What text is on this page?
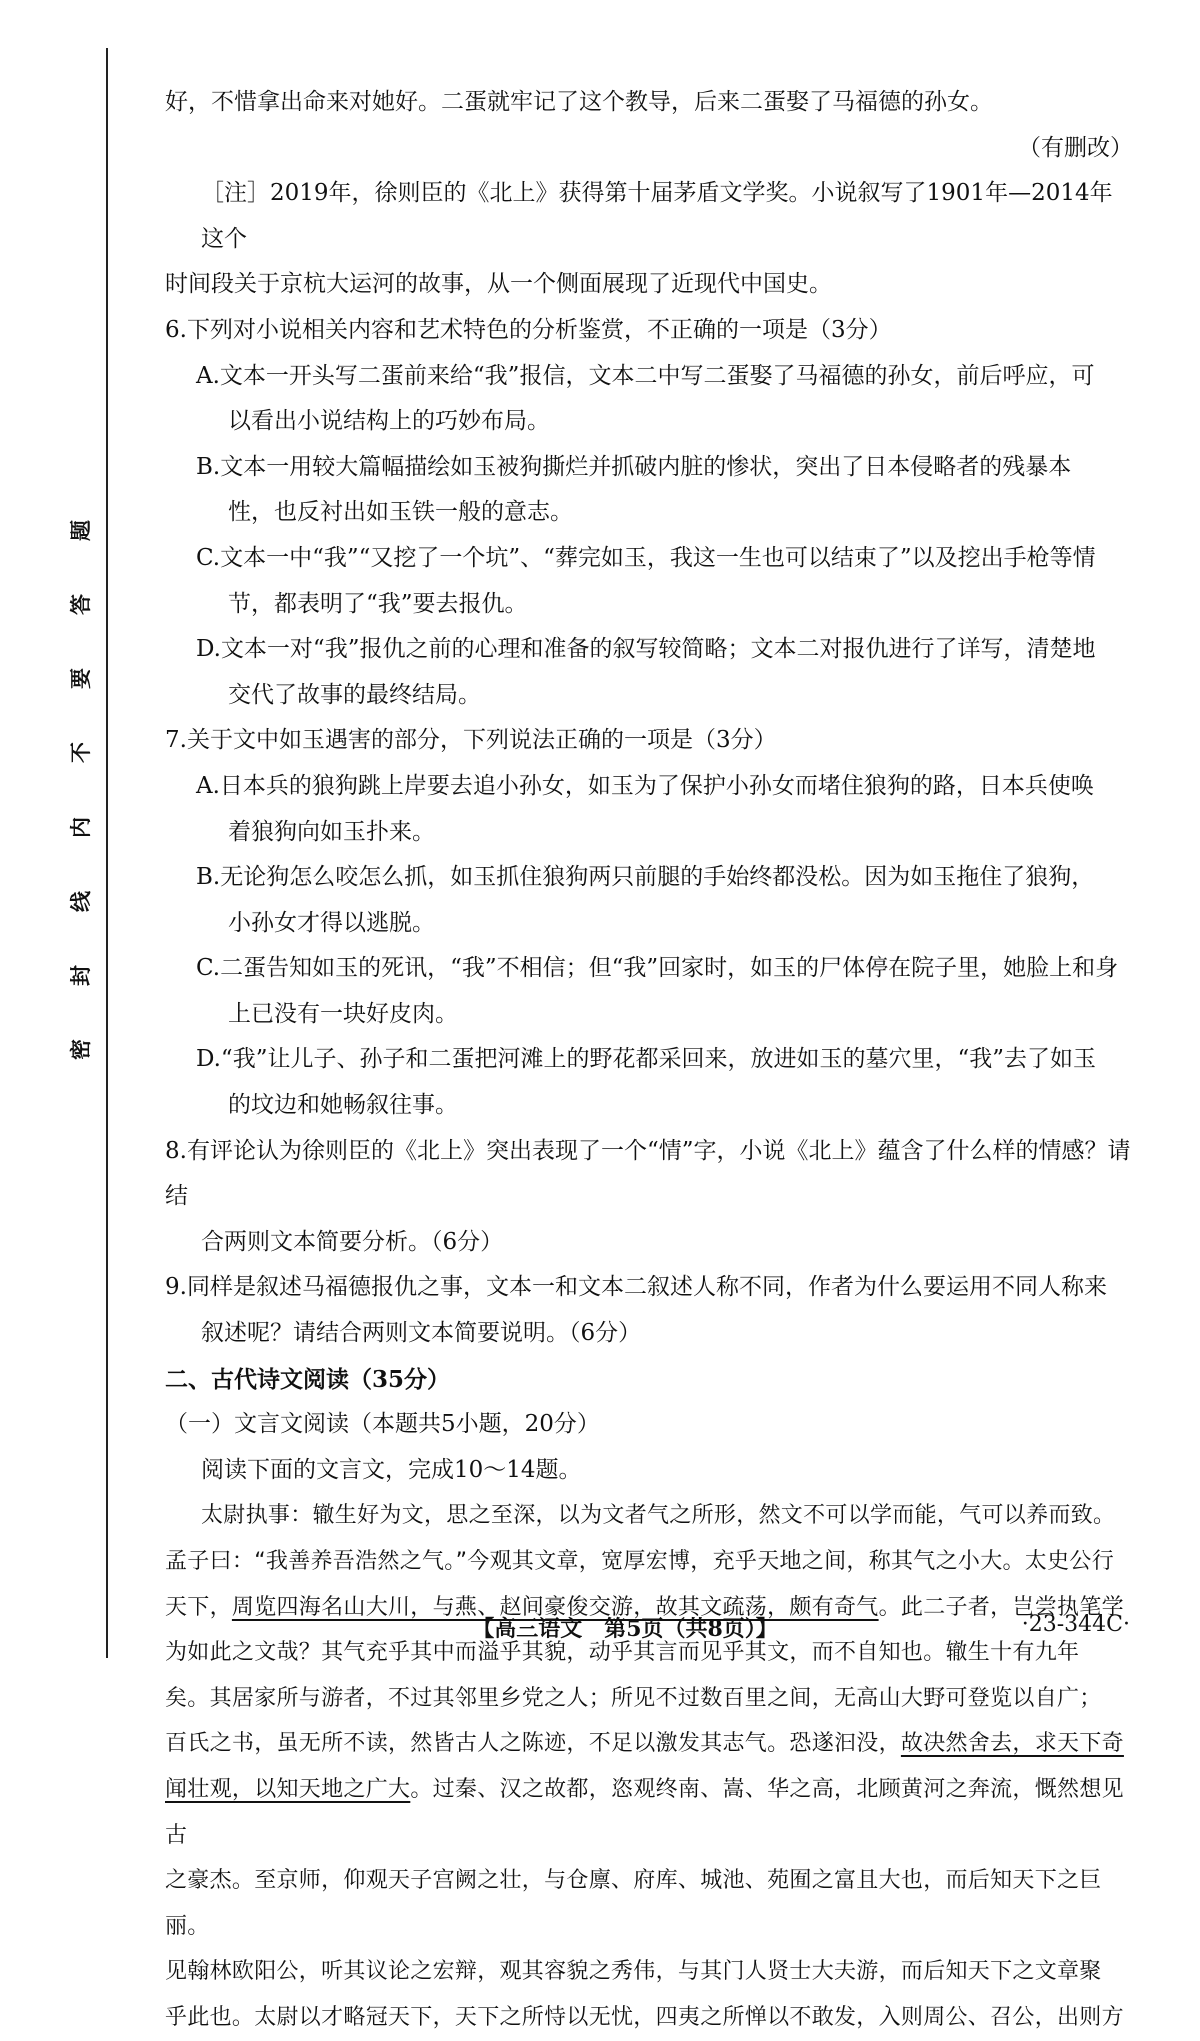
题
答
要
不
内
线
封
密
好，不惜拿出命来对她好。二蛋就牢记了这个教导，后来二蛋娶了马福德的孙女。
（有删改）
［注］2019年，徐则臣的《北上》获得第十届茅盾文学奖。小说叙写了1901年—2014年这个
时间段关于京杭大运河的故事，从一个侧面展现了近现代中国史。
6.下列对小说相关内容和艺术特色的分析鉴赏，不正确的一项是（3分）
A.文本一开头写二蛋前来给“我”报信，文本二中写二蛋娶了马福德的孙女，前后呼应，可
以看出小说结构上的巧妙布局。
B.文本一用较大篇幅描绘如玉被狗撕烂并抓破内脏的惨状，突出了日本侵略者的残暴本
性，也反衬出如玉铁一般的意志。
C.文本一中“我”“又挖了一个坑”、“葬完如玉，我这一生也可以结束了”以及挖出手枪等情
节，都表明了“我”要去报仇。
D.文本一对“我”报仇之前的心理和准备的叙写较简略；文本二对报仇进行了详写，清楚地
交代了故事的最终结局。
7.关于文中如玉遇害的部分，下列说法正确的一项是（3分）
A.日本兵的狼狗跳上岸要去追小孙女，如玉为了保护小孙女而堵住狼狗的路，日本兵使唤
着狼狗向如玉扑来。
B.无论狗怎么咬怎么抓，如玉抓住狼狗两只前腿的手始终都没松。因为如玉拖住了狼狗，
小孙女才得以逃脱。
C.二蛋告知如玉的死讯，“我”不相信；但“我”回家时，如玉的尸体停在院子里，她脸上和身
上已没有一块好皮肉。
D.“我”让儿子、孙子和二蛋把河滩上的野花都采回来，放进如玉的墓穴里，“我”去了如玉
的坟边和她畅叙往事。
8.有评论认为徐则臣的《北上》突出表现了一个“情”字，小说《北上》蕴含了什么样的情感？请结
合两则文本简要分析。（6分）
9.同样是叙述马福德报仇之事，文本一和文本二叙述人称不同，作者为什么要运用不同人称来
叙述呢？请结合两则文本简要说明。（6分）
二、古代诗文阅读（35分）
（一）文言文阅读（本题共5小题，20分）
阅读下面的文言文，完成10～14题。
太尉执事：辙生好为文，思之至深，以为文者气之所形，然文不可以学而能，气可以养而致。
孟子曰：“我善养吾浩然之气。”今观其文章，宽厚宏博，充乎天地之间，称其气之小大。太史公行
天下，周览四海名山大川，与燕、赵间豪俊交游，故其文疏荡，颇有奇气。此二子者，岂尝执笔学
为如此之文哉？其气充乎其中而溢乎其貌，动乎其言而见乎其文，而不自知也。辙生十有九年
矣。其居家所与游者，不过其邻里乡党之人；所见不过数百里之间，无高山大野可登览以自广；
百氏之书，虽无所不读，然皆古人之陈迹，不足以激发其志气。恐遂汩没，故决然舍去，求天下奇
闻壮观，以知天地之广大。过秦、汉之故都，恣观终南、嵩、华之高，北顾黄河之奔流，慨然想见古
之豪杰。至京师，仰观天子宫阙之壮，与仓廪、府库、城池、苑囿之富且大也，而后知天下之巨丽。
见翰林欧阳公，听其议论之宏辩，观其容貌之秀伟，与其门人贤士大夫游，而后知天下之文章聚
乎此也。太尉以才略冠天下，天下之所恃以无忧，四夷之所惮以不敢发，入则周公、召公，出则方
【高三语文　第5页（共8页）】	·23-344C·
